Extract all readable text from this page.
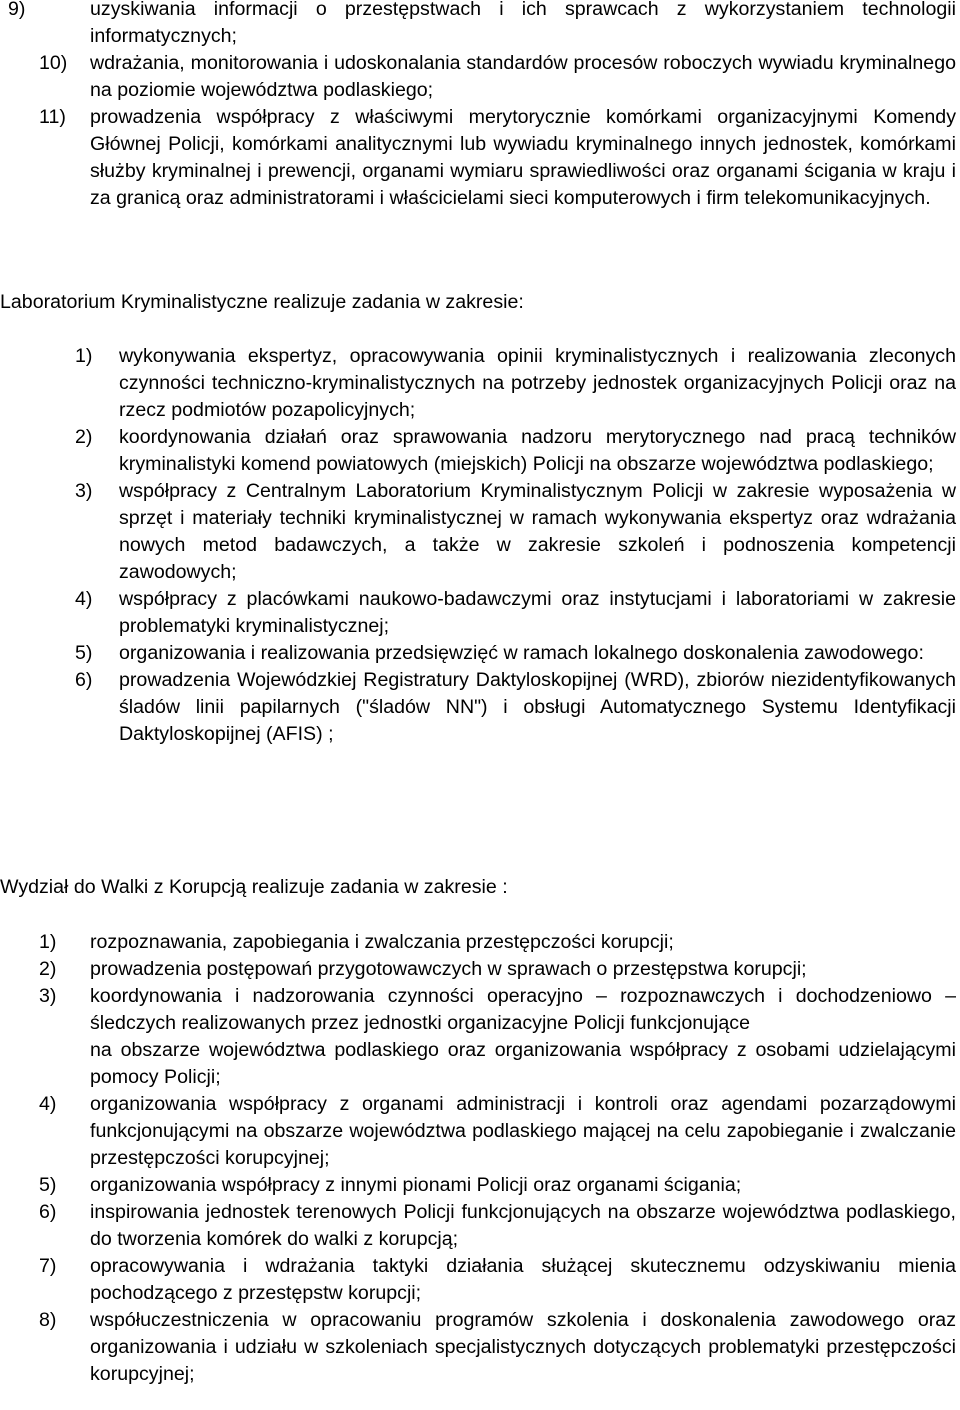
9)	uzyskiwania informacji o przestępstwach i ich sprawcach z wykorzystaniem technologii informatycznych;
10) wdrażania, monitorowania i udoskonalania standardów procesów roboczych wywiadu kryminalnego na poziomie województwa podlaskiego;
11) prowadzenia współpracy z właściwymi merytorycznie komórkami organizacyjnymi Komendy Głównej Policji, komórkami analitycznymi lub wywiadu kryminalnego innych jednostek, komórkami służby kryminalnej i prewencji, organami wymiaru sprawiedliwości oraz organami ścigania w kraju i za granicą oraz administratorami i właścicielami sieci komputerowych i firm telekomunikacyjnych.

Laboratorium Kryminalistyczne realizuje zadania w zakresie:

1) wykonywania ekspertyz, opracowywania opinii kryminalistycznych i realizowania zleconych czynności techniczno-kryminalistycznych na potrzeby jednostek organizacyjnych Policji oraz na rzecz podmiotów pozapolicyjnych;
2) koordynowania działań oraz sprawowania nadzoru merytorycznego nad pracą techników kryminalistyki komend powiatowych (miejskich) Policji na obszarze województwa podlaskiego;
3) współpracy z Centralnym Laboratorium Kryminalistycznym Policji w zakresie wyposażenia w sprzęt i materiały techniki kryminalistycznej w ramach wykonywania ekspertyz oraz wdrażania nowych metod badawczych, a także w zakresie szkoleń i podnoszenia kompetencji zawodowych;
4) współpracy z placówkami naukowo-badawczymi oraz instytucjami i laboratoriami w zakresie problematyki kryminalistycznej;
5) organizowania i realizowania przedsięwzięć w ramach lokalnego doskonalenia zawodowego:
6) prowadzenia Wojewódzkiej Registratury Daktyloskopijnej (WRD), zbiorów niezidentyfikowanych śladów linii papilarnych ("śladów NN") i obsługi Automatycznego Systemu Identyfikacji Daktyloskopijnej (AFIS) ;

Wydział do Walki z Korupcją realizuje zadania w zakresie :

1) rozpoznawania, zapobiegania i zwalczania przestępczości korupcji;
2) prowadzenia postępowań przygotowawczych w sprawach o przestępstwa korupcji;
3) koordynowania i nadzorowania czynności operacyjno – rozpoznawczych i dochodzeniowo – śledczych realizowanych przez jednostki organizacyjne Policji funkcjonujące
na obszarze województwa podlaskiego oraz organizowania współpracy z osobami udzielającymi pomocy Policji;
4) organizowania współpracy z organami administracji i kontroli oraz agendami pozarządowymi funkcjonującymi na obszarze województwa podlaskiego mającej na celu zapobieganie i zwalczanie przestępczości korupcyjnej;
5) organizowania współpracy z innymi pionami Policji oraz organami ścigania;
6) inspirowania jednostek terenowych Policji funkcjonujących na obszarze województwa podlaskiego, do tworzenia komórek do walki z korupcją;
7) opracowywania i wdrażania taktyki działania służącej skutecznemu odzyskiwaniu mienia pochodzącego z przestępstw korupcji;
8) współuczestniczenia w opracowaniu programów szkolenia i doskonalenia zawodowego oraz organizowania i udziału w szkoleniach specjalistycznych dotyczących problematyki przestępczości korupcyjnej;
